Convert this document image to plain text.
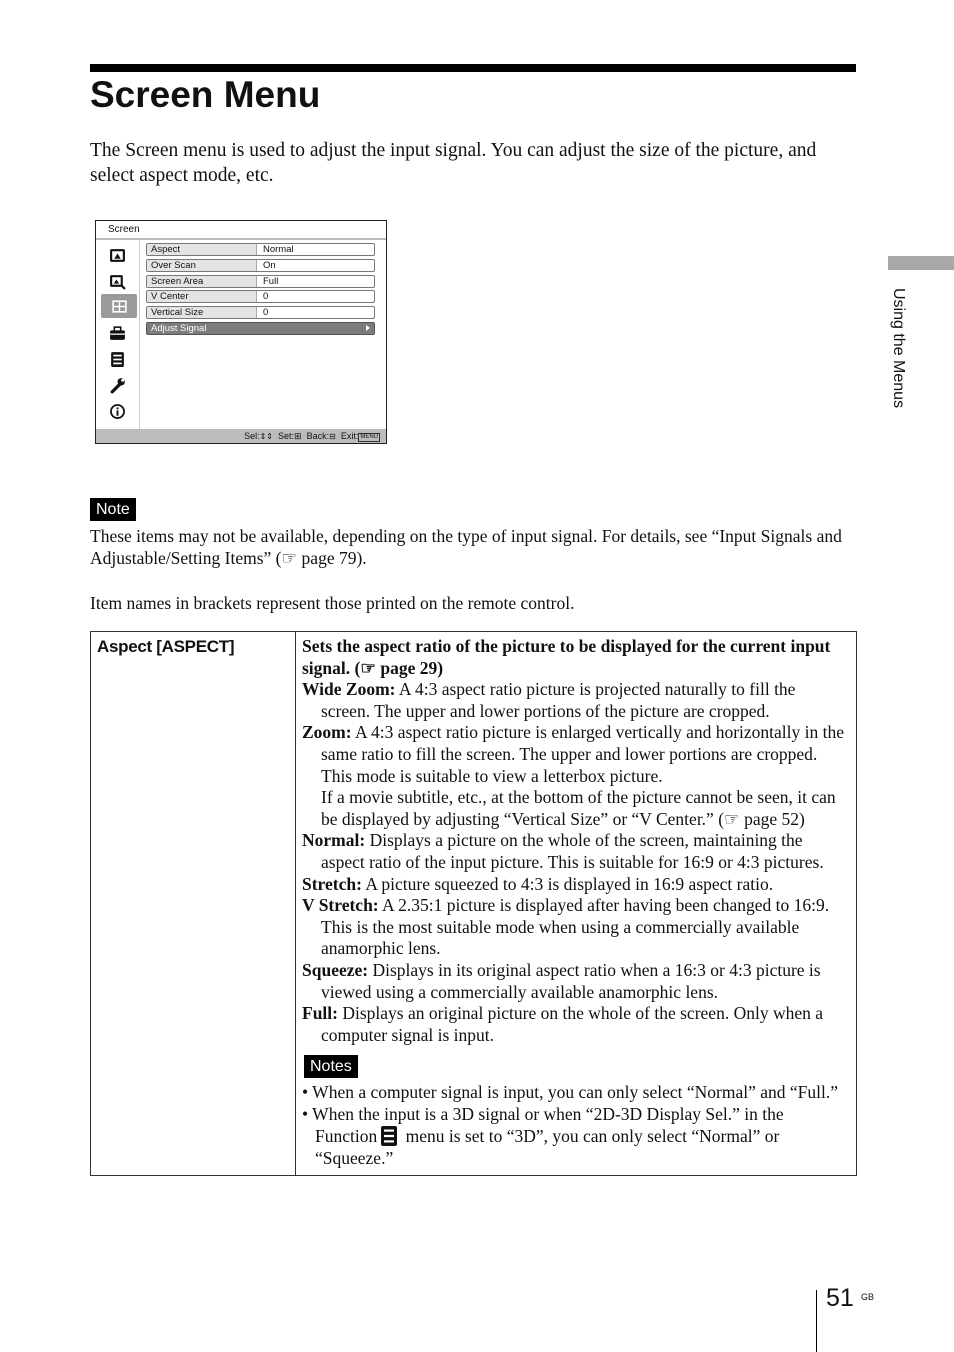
Screen Menu

The Screen menu is used to adjust the input signal. You can adjust the size of the picture, and select aspect mode, etc.

Screen
Aspect	Normal
Over Scan	On
Screen Area	Full
V Center	0
Vertical Size	0
Adjust Signal
Sel:⇕⇕ Set:⊞ Back:⊟ Exit: MENU
Note

These items may not be available, depending on the type of input signal. For details, see “Input Signals and Adjustable/Setting Items” (☞ page 79).

Item names in brackets represent those printed on the remote control.

Aspect [ASPECT]	Sets the aspect ratio of the picture to be displayed for the current input signal. (☞ page 29)

Wide Zoom: A 4:3 aspect ratio picture is projected naturally to fill the screen. The upper and lower portions of the picture are cropped.

Zoom: A 4:3 aspect ratio picture is enlarged vertically and horizontally in the same ratio to fill the screen. The upper and lower portions are cropped. This mode is suitable to view a letterbox picture.

If a movie subtitle, etc., at the bottom of the picture cannot be seen, it can be displayed by adjusting “Vertical Size” or “V Center.” (☞ page 52)

Normal: Displays a picture on the whole of the screen, maintaining the aspect ratio of the input picture. This is suitable for 16:9 or 4:3 pictures.

Stretch: A picture squeezed to 4:3 is displayed in 16:9 aspect ratio.

V Stretch: A 2.35:1 picture is displayed after having been changed to 16:9. This is the most suitable mode when using a commercially available anamorphic lens.

Squeeze: Displays in its original aspect ratio when a 16:3 or 4:3 picture is viewed using a commercially available anamorphic lens.

Full: Displays an original picture on the whole of the screen. Only when a computer signal is input.

Notes

• When a computer signal is input, you can only select “Normal” and “Full.”

• When the input is a 3D signal or when “2D-3D Display Sel.” in the Function menu is set to “3D”, you can only select “Normal” or “Squeeze.”

Using the Menus
51 GB
